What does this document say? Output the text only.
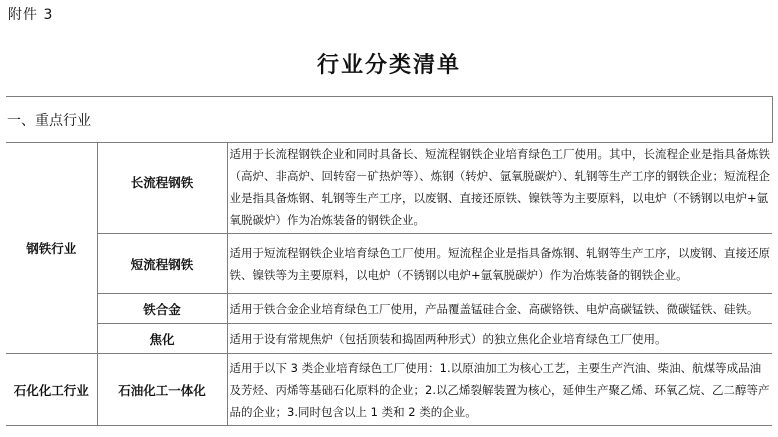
附件 3
行业分类清单
一、重点行业		
钢铁行业	长流程钢铁	适用于长流程钢铁企业和同时具备长、短流程钢铁企业培育绿色工厂使用。其中，长流程企业是指具备炼铁（高炉、非高炉、回转窑－矿热炉等）、炼钢（转炉、氩氧脱碳炉）、轧钢等生产工序的钢铁企业；短流程企业是指具备炼钢、轧钢等生产工序，以废钢、直接还原铁、镍铁等为主要原料，以电炉（不锈钢以电炉+氩氧脱碳炉）作为冶炼装备的钢铁企业。
	短流程钢铁	适用于短流程钢铁企业培育绿色工厂使用。短流程企业是指具备炼钢、轧钢等生产工序，以废钢、直接还原铁、镍铁等为主要原料，以电炉（不锈钢以电炉+氩氧脱碳炉）作为冶炼装备的钢铁企业。
	铁合金	适用于铁合金企业培育绿色工厂使用，产品覆盖锰硅合金、高碳铬铁、电炉高碳锰铁、微碳锰铁、硅铁。
	焦化	适用于设有常规焦炉（包括顶装和捣固两种形式）的独立焦化企业培育绿色工厂使用。
石化化工行业	石油化工一体化	适用于以下 3 类企业培育绿色工厂使用：1.以原油加工为核心工艺，主要生产汽油、柴油、航煤等成品油及芳烃、丙烯等基础石化原料的企业；2.以乙烯裂解装置为核心，延伸生产聚乙烯、环氧乙烷、乙二醇等产品的企业；3.同时包含以上 1 类和 2 类的企业。
